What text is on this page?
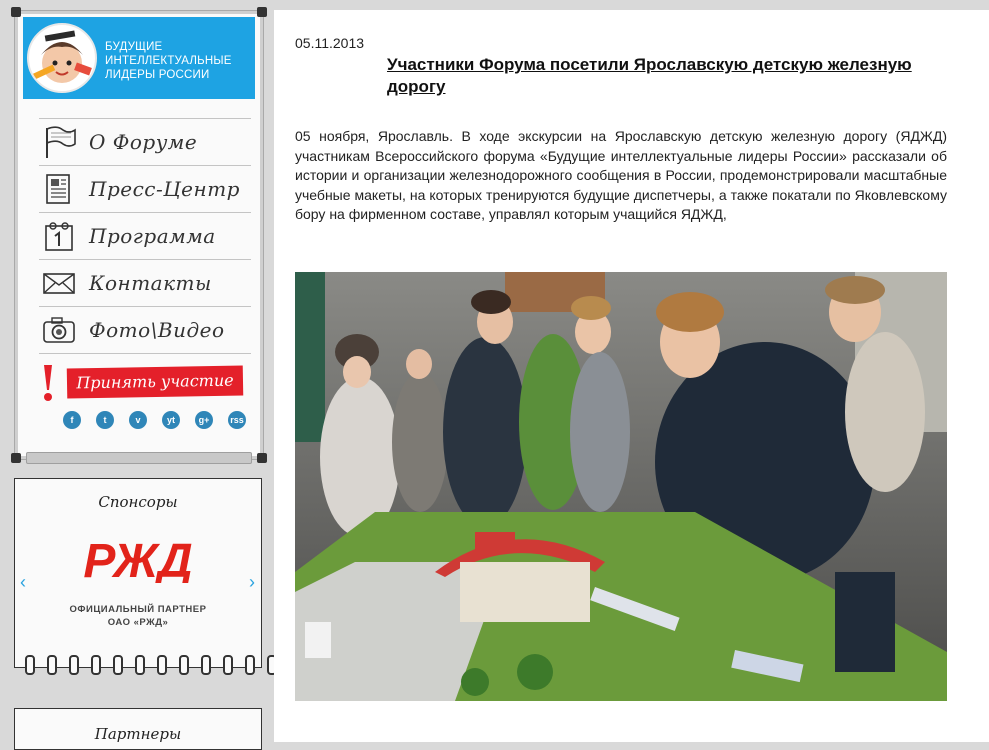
БУДУЩИЕ
ИНТЕЛЛЕКТУАЛЬНЫЕ
ЛИДЕРЫ РОССИИ
О Форуме
Пресс-Центр
Программа
Контакты
Фото\Видео
Принять участие
f	t	v	yt	g+	rss
Спонсоры
‹	›
РЖД
ОФИЦИАЛЬНЫЙ ПАРТНЕР
ОАО «РЖД»
Партнеры
05.11.2013
Участники Форума посетили Ярославскую детскую железную дорогу
05 ноября, Ярославль. В ходе экскурсии на Ярославскую детскую железную дорогу (ЯДЖД) участникам Всероссийского форума «Будущие интеллектуальные лидеры России» рассказали об истории и организации железнодорожного сообщения в России, продемонстрировали масштабные учебные макеты, на которых тренируются будущие диспетчеры, а также покатали по Яковлевскому бору на фирменном составе, управлял которым учащийся ЯДЖД,
